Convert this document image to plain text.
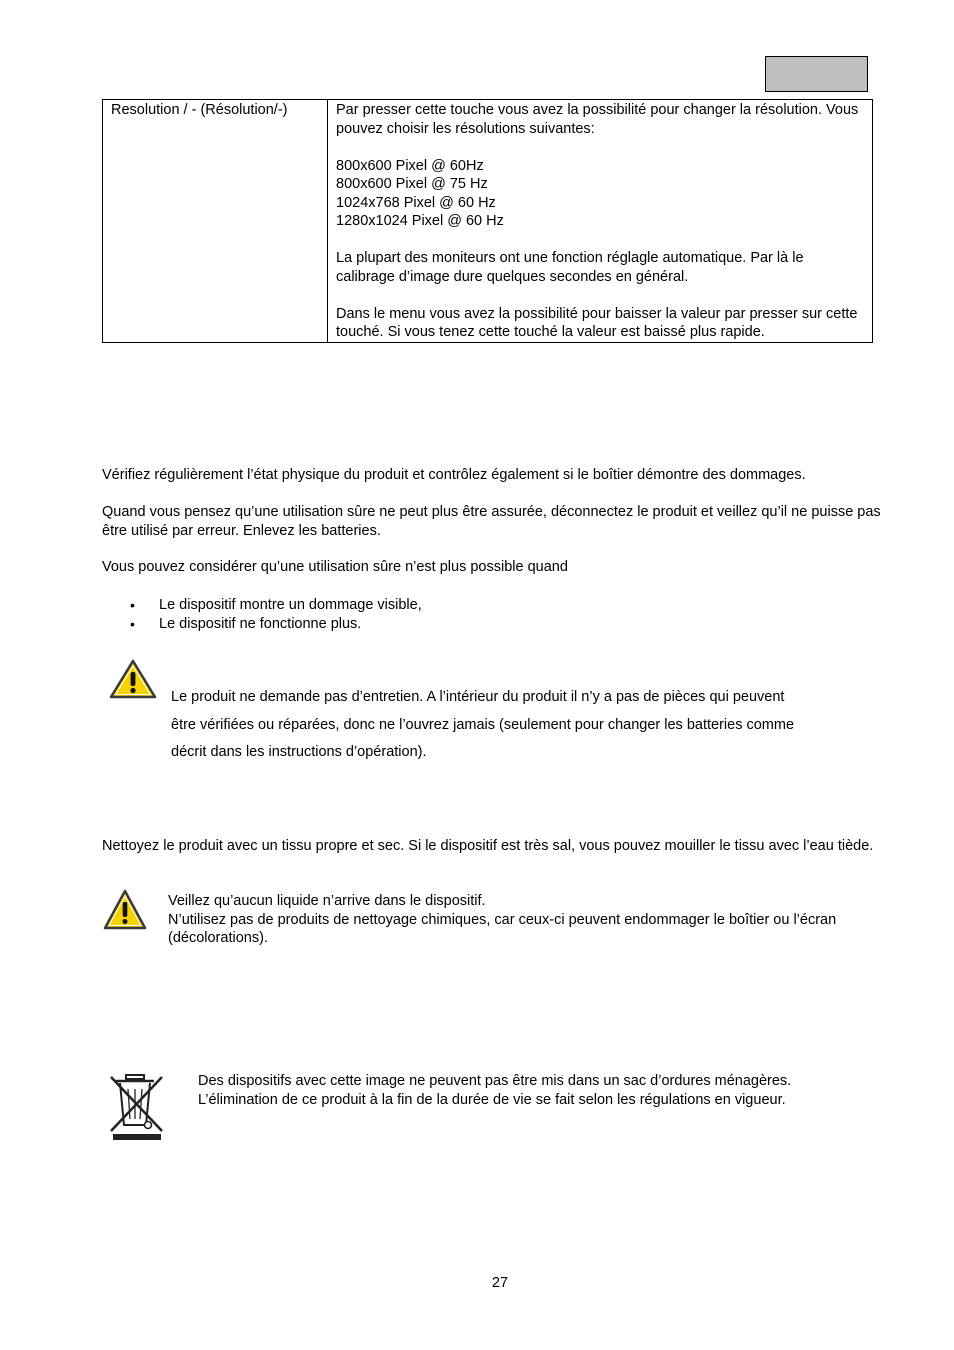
Resolution / - (Résolution/-)	Par presser cette touche vous avez la possibilité pour changer la résolution. Vous pouvez choisir les résolutions suivantes:
800x600 Pixel @ 60Hz
800x600 Pixel @ 75 Hz
1024x768 Pixel @ 60 Hz
1280x1024 Pixel @ 60 Hz
La plupart des moniteurs ont une fonction réglagle automatique. Par là le calibrage d’image dure quelques secondes en général.
Dans le menu vous avez la possibilité pour baisser la valeur par presser sur cette touché. Si vous tenez cette touché la valeur est baissé plus rapide.
Vérifiez régulièrement l’état physique du produit et contrôlez également si le boîtier démontre des dommages.
Quand vous pensez qu’une utilisation sûre ne peut plus être assurée, déconnectez le produit et veillez qu’il ne puisse pas être utilisé par erreur. Enlevez les batteries.
Vous pouvez considérer qu’une utilisation sûre n’est plus possible quand
• Le dispositif montre un dommage visible,
• Le dispositif ne fonctionne plus.
Le produit ne demande pas d’entretien. A l’intérieur du produit il n’y a pas de pièces qui peuvent
être vérifiées ou réparées, donc ne l’ouvrez jamais (seulement pour changer les batteries comme
décrit dans les instructions d’opération).
Nettoyez le produit avec un tissu propre et sec. Si le dispositif est très sal, vous pouvez mouiller le tissu avec l’eau tiède.
Veillez qu’aucun liquide n’arrive dans le dispositif.
N’utilisez pas de produits de nettoyage chimiques, car ceux-ci peuvent endommager le boîtier ou l’écran (décolorations).
Des dispositifs avec cette image ne peuvent pas être mis dans un sac d’ordures ménagères.
L’élimination de ce produit à la fin de la durée de vie se fait selon les régulations en vigueur.
27
